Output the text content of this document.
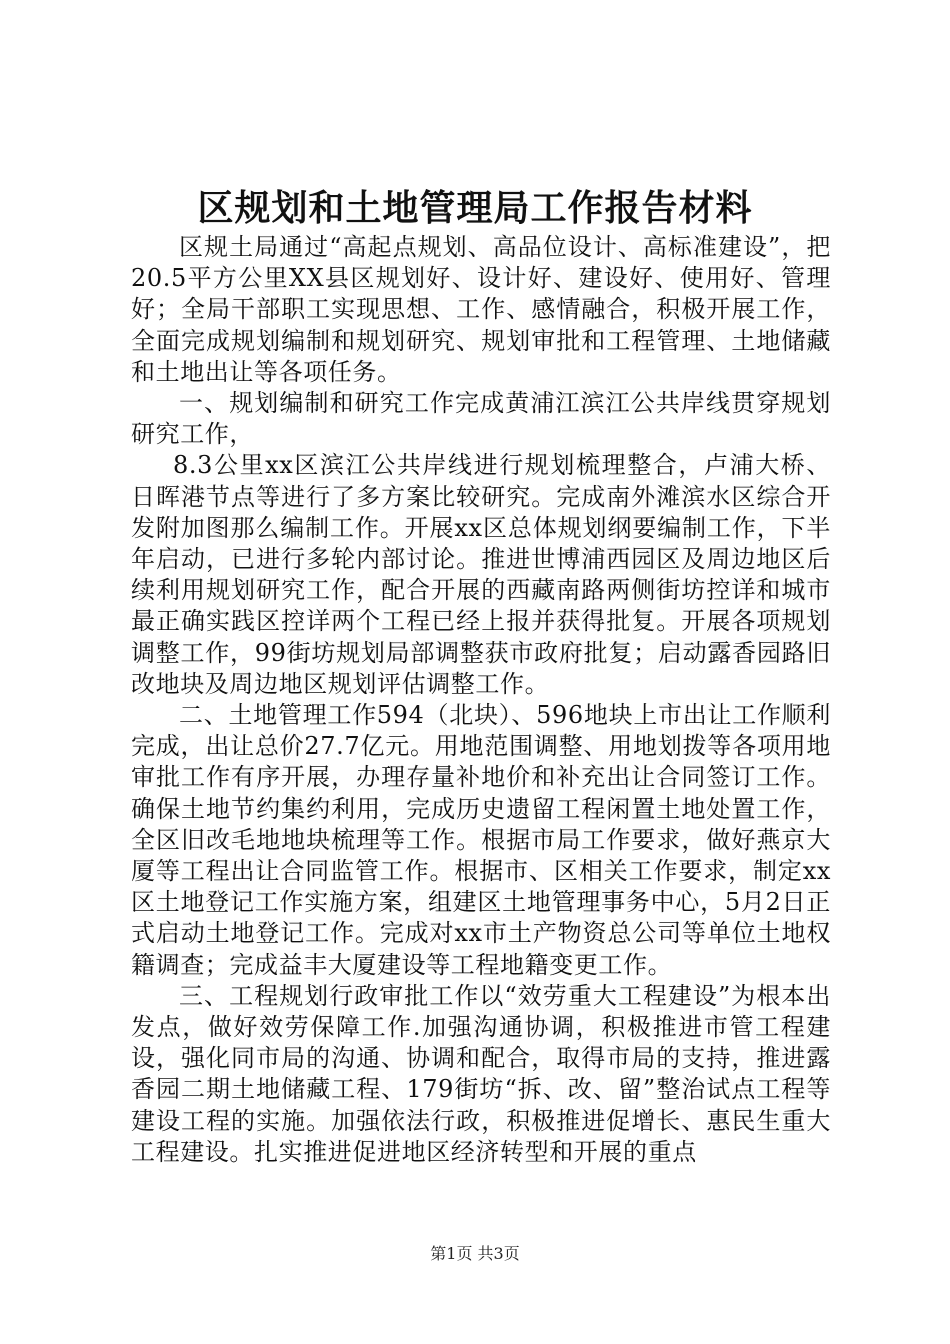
区规划和土地管理局工作报告材料

区规土局通过“高起点规划、高品位设计、高标准建设”，把20.5平方公里XX县区规划好、设计好、建设好、使用好、管理好；全局干部职工实现思想、工作、感情融合，积极开展工作，全面完成规划编制和规划研究、规划审批和工程管理、土地储藏和土地出让等各项任务。

一、规划编制和研究工作完成黄浦江滨江公共岸线贯穿规划研究工作，

8.3公里xx区滨江公共岸线进行规划梳理整合，卢浦大桥、日晖港节点等进行了多方案比较研究。完成南外滩滨水区综合开发附加图那么编制工作。开展xx区总体规划纲要编制工作，下半年启动，已进行多轮内部讨论。推进世博浦西园区及周边地区后续利用规划研究工作，配合开展的西藏南路两侧街坊控详和城市最正确实践区控详两个工程已经上报并获得批复。开展各项规划调整工作，99街坊规划局部调整获市政府批复；启动露香园路旧改地块及周边地区规划评估调整工作。

二、土地管理工作594（北块）、596地块上市出让工作顺利完成，出让总价27.7亿元。用地范围调整、用地划拨等各项用地审批工作有序开展，办理存量补地价和补充出让合同签订工作。确保土地节约集约利用，完成历史遗留工程闲置土地处置工作，全区旧改毛地地块梳理等工作。根据市局工作要求，做好燕京大厦等工程出让合同监管工作。根据市、区相关工作要求，制定xx区土地登记工作实施方案，组建区土地管理事务中心，5月2日正式启动土地登记工作。完成对xx市土产物资总公司等单位土地权籍调查；完成益丰大厦建设等工程地籍变更工作。

三、工程规划行政审批工作以“效劳重大工程建设”为根本出发点，做好效劳保障工作.加强沟通协调，积极推进市管工程建设，强化同市局的沟通、协调和配合，取得市局的支持，推进露香园二期土地储藏工程、179街坊“拆、改、留”整治试点工程等建设工程的实施。加强依法行政，积极推进促增长、惠民生重大工程建设。扎实推进促进地区经济转型和开展的重点

第1页 共3页
